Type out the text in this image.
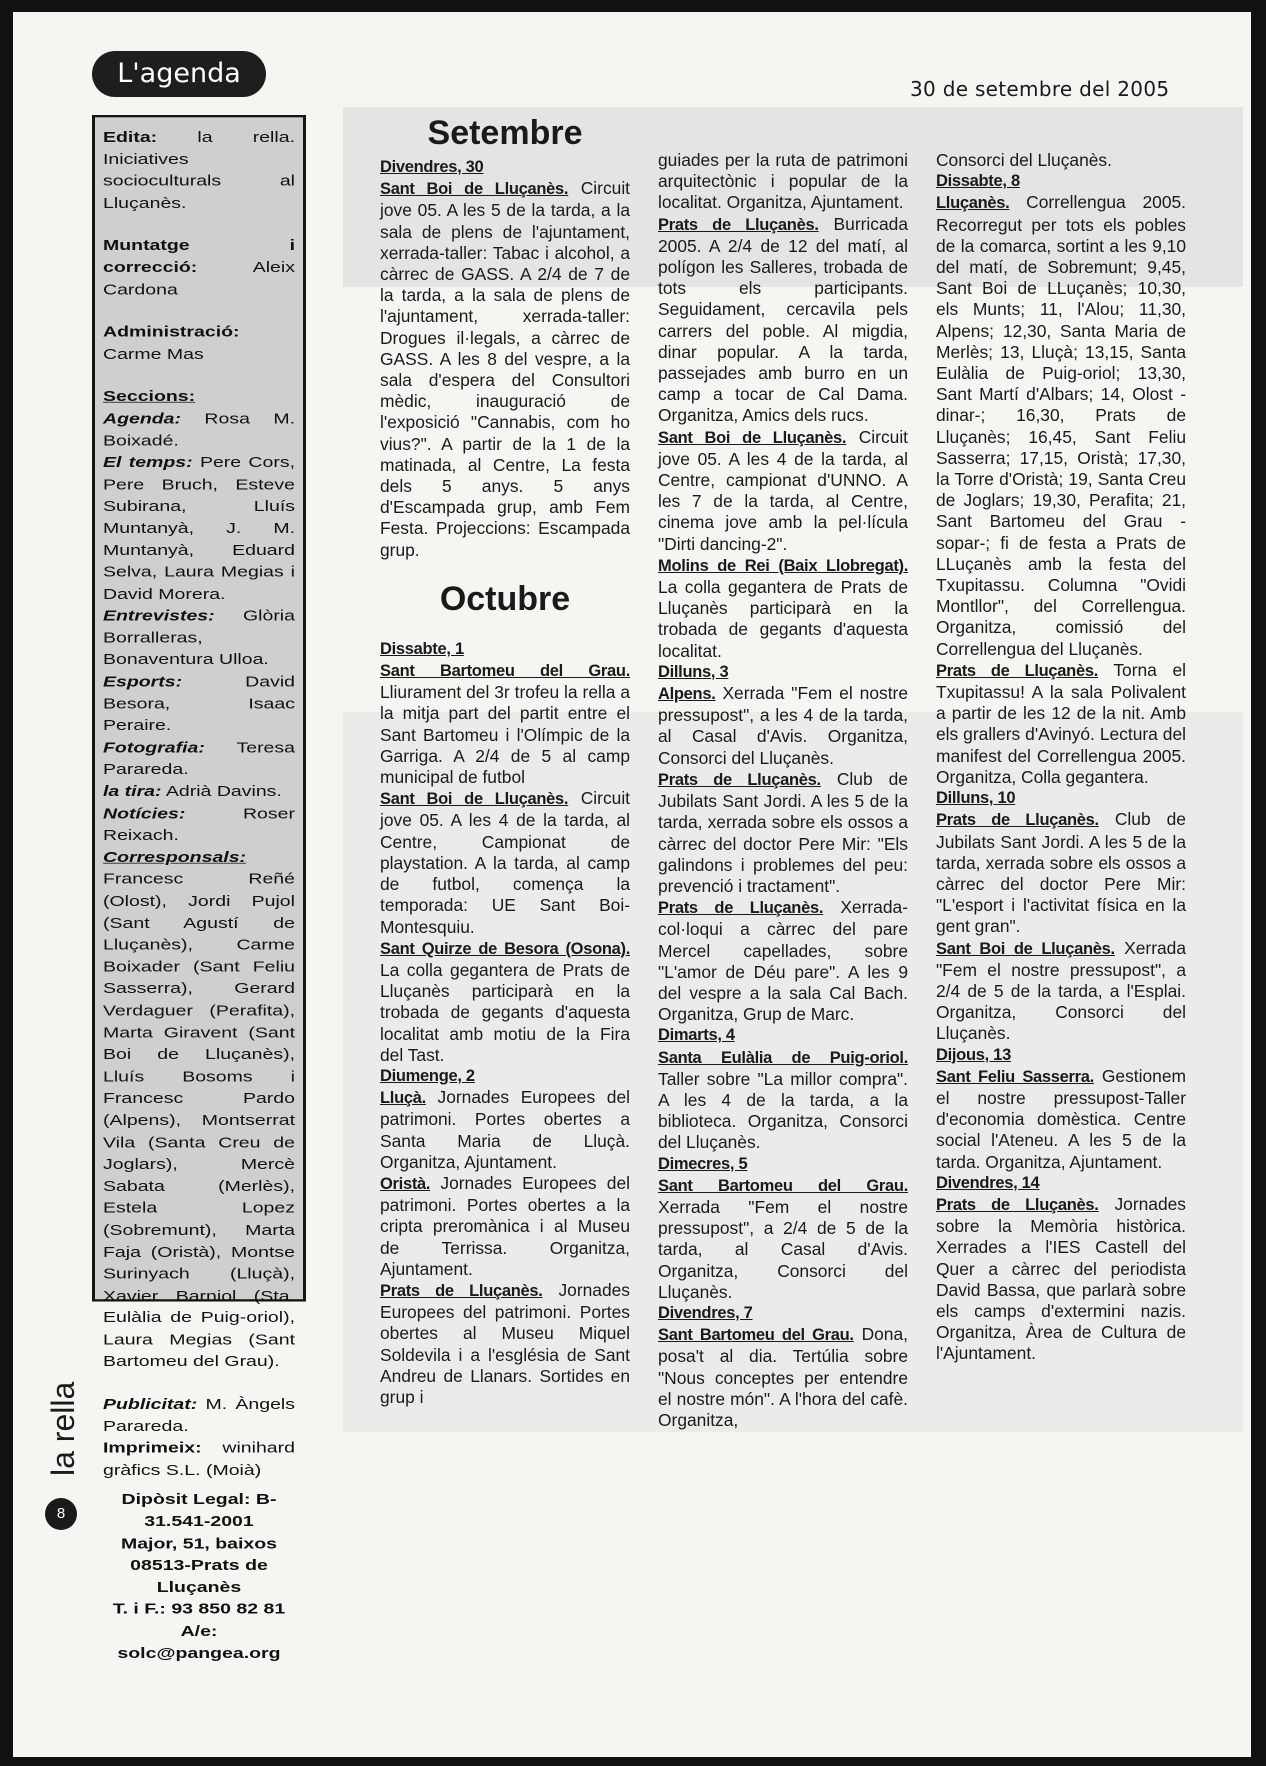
L'agenda	30 de setembre del 2005

Edita: la rella. Iniciatives socioculturals al Lluçanès.

Muntatge i correcció:	Aleix Cardona

Administració: Carme Mas

Seccions:

Agenda: Rosa M. Boixadé.

El temps: Pere Cors, Pere Bruch, Esteve Subirana, Lluís Muntanyà, J. M. Muntanyà, Eduard Selva, Laura Megias i David Morera.

Entrevistes: Glòria Borralleras, Bonaventura Ulloa.

Esports:	David Besora, Isaac Peraire.

Fotografia: Teresa Parareda.

la tira: Adrià Davins.

Notícies:	Roser Reixach.

Corresponsals: Francesc Reñé (Olost), Jordi Pujol (Sant Agustí de Lluçanès), Carme Boixader (Sant Feliu Sasserra), Gerard Verdaguer (Perafita), Marta Giravent (Sant Boi de Lluçanès), Lluís Bosoms i Francesc Pardo (Alpens), Montserrat Vila (Santa Creu de Joglars), Mercè Sabata (Merlès), Estela Lopez (Sobremunt), Marta Faja (Oristà), Montse Surinyach (Lluçà), Xavier Barniol (Sta. Eulàlia de Puig-oriol), Laura Megias (Sant Bartomeu del Grau).

Publicitat: M. Àngels Parareda.

Imprimeix: winihard gràfics S.L. (Moià)

Dipòsit Legal: B-31.541-2001

Major, 51, baixos

08513-Prats de Lluçanès

T. i F.: 93 850 82 81

A/e: solc@pangea.org

la rella
8
Setembre
Divendres, 30

Sant Boi de Lluçanès. Circuit jove 05. A les 5 de la tarda, a la sala de plens de l'ajuntament, xerrada-taller: Tabac i alcohol, a càrrec de GASS. A 2/4 de 7 de la tarda, a la sala de plens de l'ajuntament, xerrada-taller: Drogues il·legals, a càrrec de GASS. A les 8 del vespre, a la sala d'espera del Consultori mèdic, inauguració de l'exposició "Cannabis, com ho vius?". A partir de la 1 de la matinada, al Centre, La festa dels 5 anys. 5 anys d'Escampada grup, amb Fem Festa. Projeccions: Escampada grup.

Octubre
Dissabte, 1

Sant Bartomeu del Grau. Lliurament del 3r trofeu la rella a la mitja part del partit entre el Sant Bartomeu i l'Olímpic de la Garriga. A 2/4 de 5 al camp municipal de futbol

Sant Boi de Lluçanès. Circuit jove 05. A les 4 de la tarda, al Centre, Campionat de playstation. A la tarda, al camp de futbol, comença la temporada: UE Sant Boi-Montesquiu.

Sant Quirze de Besora (Osona). La colla gegantera de Prats de Lluçanès participarà en la trobada de gegants d'aquesta localitat amb motiu de la Fira del Tast.

Diumenge, 2

Lluçà. Jornades Europees del patrimoni. Portes obertes a Santa Maria de Lluçà. Organitza, Ajuntament.

Oristà. Jornades Europees del patrimoni. Portes obertes a la cripta preromànica i al Museu de Terrissa. Organitza, Ajuntament.

Prats de Lluçanès. Jornades Europees del patrimoni. Portes obertes al Museu Miquel Soldevila i a l'església de Sant Andreu de Llanars. Sortides en grup i

guiades per la ruta de patrimoni arquitectònic i popular de la localitat. Organitza, Ajuntament.

Prats de Lluçanès. Burricada 2005. A 2/4 de 12 del matí, al polígon les Salleres, trobada de tots els participants. Seguidament, cercavila pels carrers del poble. Al migdia, dinar popular. A la tarda, passejades amb burro en un camp a tocar de Cal Dama. Organitza, Amics dels rucs.

Sant Boi de Lluçanès. Circuit jove 05. A les 4 de la tarda, al Centre, campionat d'UNNO. A les 7 de la tarda, al Centre, cinema jove amb la pel·lícula "Dirti dancing-2".

Molins de Rei (Baix Llobregat). La colla gegantera de Prats de Lluçanès participarà en la trobada de gegants d'aquesta localitat.

Dilluns, 3

Alpens. Xerrada "Fem el nostre pressupost", a les 4 de la tarda, al Casal d'Avis. Organitza, Consorci del Lluçanès.

Prats de Lluçanès. Club de Jubilats Sant Jordi. A les 5 de la tarda, xerrada sobre els ossos a càrrec del doctor Pere Mir: "Els galindons i problemes del peu: prevenció i tractament".

Prats de Lluçanès. Xerrada-col·loqui a càrrec del pare Mercel capellades, sobre "L'amor de Déu pare". A les 9 del vespre a la sala Cal Bach. Organitza, Grup de Marc.

Dimarts, 4

Santa Eulàlia de Puig-oriol. Taller sobre "La millor compra". A les 4 de la tarda, a la biblioteca. Organitza, Consorci del Lluçanès.

Dimecres, 5

Sant Bartomeu del Grau. Xerrada "Fem el nostre pressupost", a 2/4 de 5 de la tarda, al Casal d'Avis. Organitza, Consorci del Lluçanès.

Divendres, 7

Sant Bartomeu del Grau. Dona, posa't al dia. Tertúlia sobre "Nous conceptes per entendre el nostre món". A l'hora del cafè. Organitza,

Consorci del Lluçanès.

Dissabte, 8

Lluçanès. Correllengua 2005. Recorregut per tots els pobles de la comarca, sortint a les 9,10 del matí, de Sobremunt; 9,45, Sant Boi de LLuçanès; 10,30, els Munts; 11, l'Alou; 11,30, Alpens; 12,30, Santa Maria de Merlès; 13, Lluçà; 13,15, Santa Eulàlia de Puig-oriol; 13,30, Sant Martí d'Albars; 14, Olost -dinar-; 16,30, Prats de Lluçanès; 16,45, Sant Feliu Sasserra; 17,15, Oristà; 17,30, la Torre d'Oristà; 19, Santa Creu de Joglars; 19,30, Perafita; 21, Sant Bartomeu del Grau -sopar-; fi de festa a Prats de LLuçanès amb la festa del Txupitassu. Columna "Ovidi Montllor", del Correllengua. Organitza, comissió del Correllengua del Lluçanès.

Prats de Lluçanès. Torna el Txupitassu! A la sala Polivalent a partir de les 12 de la nit. Amb els grallers d'Avinyó. Lectura del manifest del Correllengua 2005. Organitza, Colla gegantera.

Dilluns, 10

Prats de Lluçanès. Club de Jubilats Sant Jordi. A les 5 de la tarda, xerrada sobre els ossos a càrrec del doctor Pere Mir: "L'esport i l'activitat física en la gent gran".

Sant Boi de Lluçanès. Xerrada "Fem el nostre pressupost", a 2/4 de 5 de la tarda, a l'Esplai. Organitza, Consorci del Lluçanès.

Dijous, 13

Sant Feliu Sasserra. Gestionem el nostre pressupost-Taller d'economia domèstica. Centre social l'Ateneu. A les 5 de la tarda. Organitza, Ajuntament.

Divendres, 14

Prats de Lluçanès. Jornades sobre la Memòria històrica. Xerrades a l'IES Castell del Quer a càrrec del periodista David Bassa, que parlarà sobre els camps d'extermini nazis. Organitza, Àrea de Cultura de l'Ajuntament.
